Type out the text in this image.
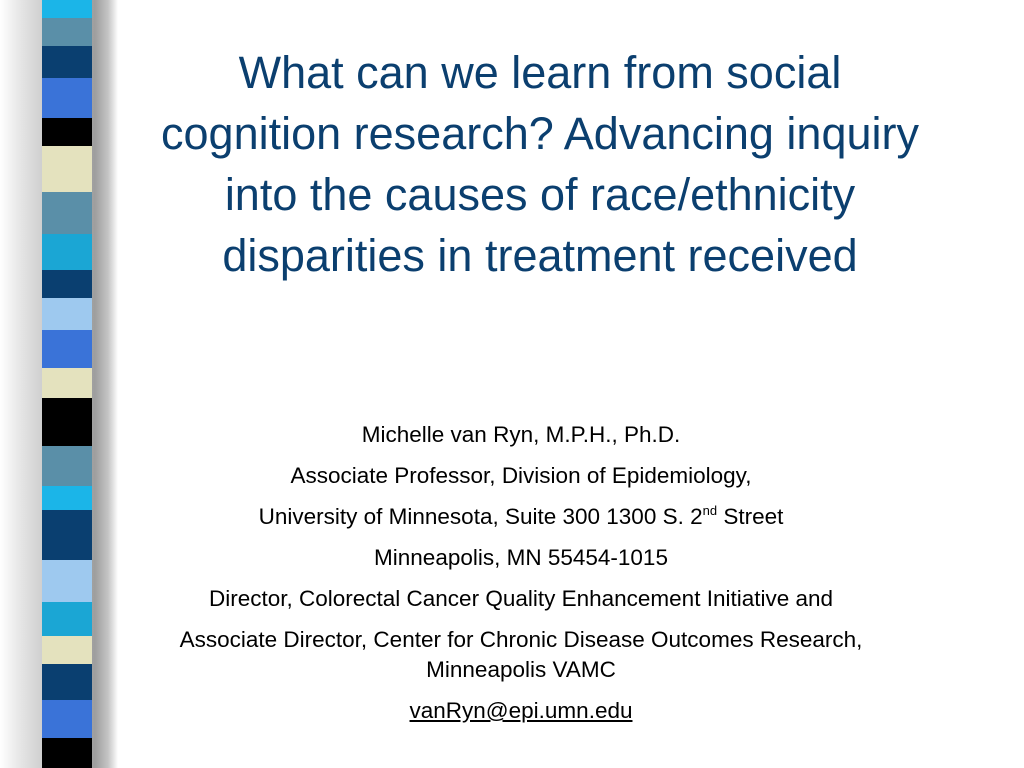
What can we learn from social cognition research? Advancing inquiry into the causes of race/ethnicity disparities in treatment received

Michelle van Ryn, M.P.H., Ph.D.

Associate Professor, Division of Epidemiology,

University of Minnesota, Suite 300 1300 S. 2nd Street

Minneapolis, MN 55454-1015

Director, Colorectal Cancer Quality Enhancement Initiative and

Associate Director, Center for Chronic Disease Outcomes Research, Minneapolis VAMC

vanRyn@epi.umn.edu
